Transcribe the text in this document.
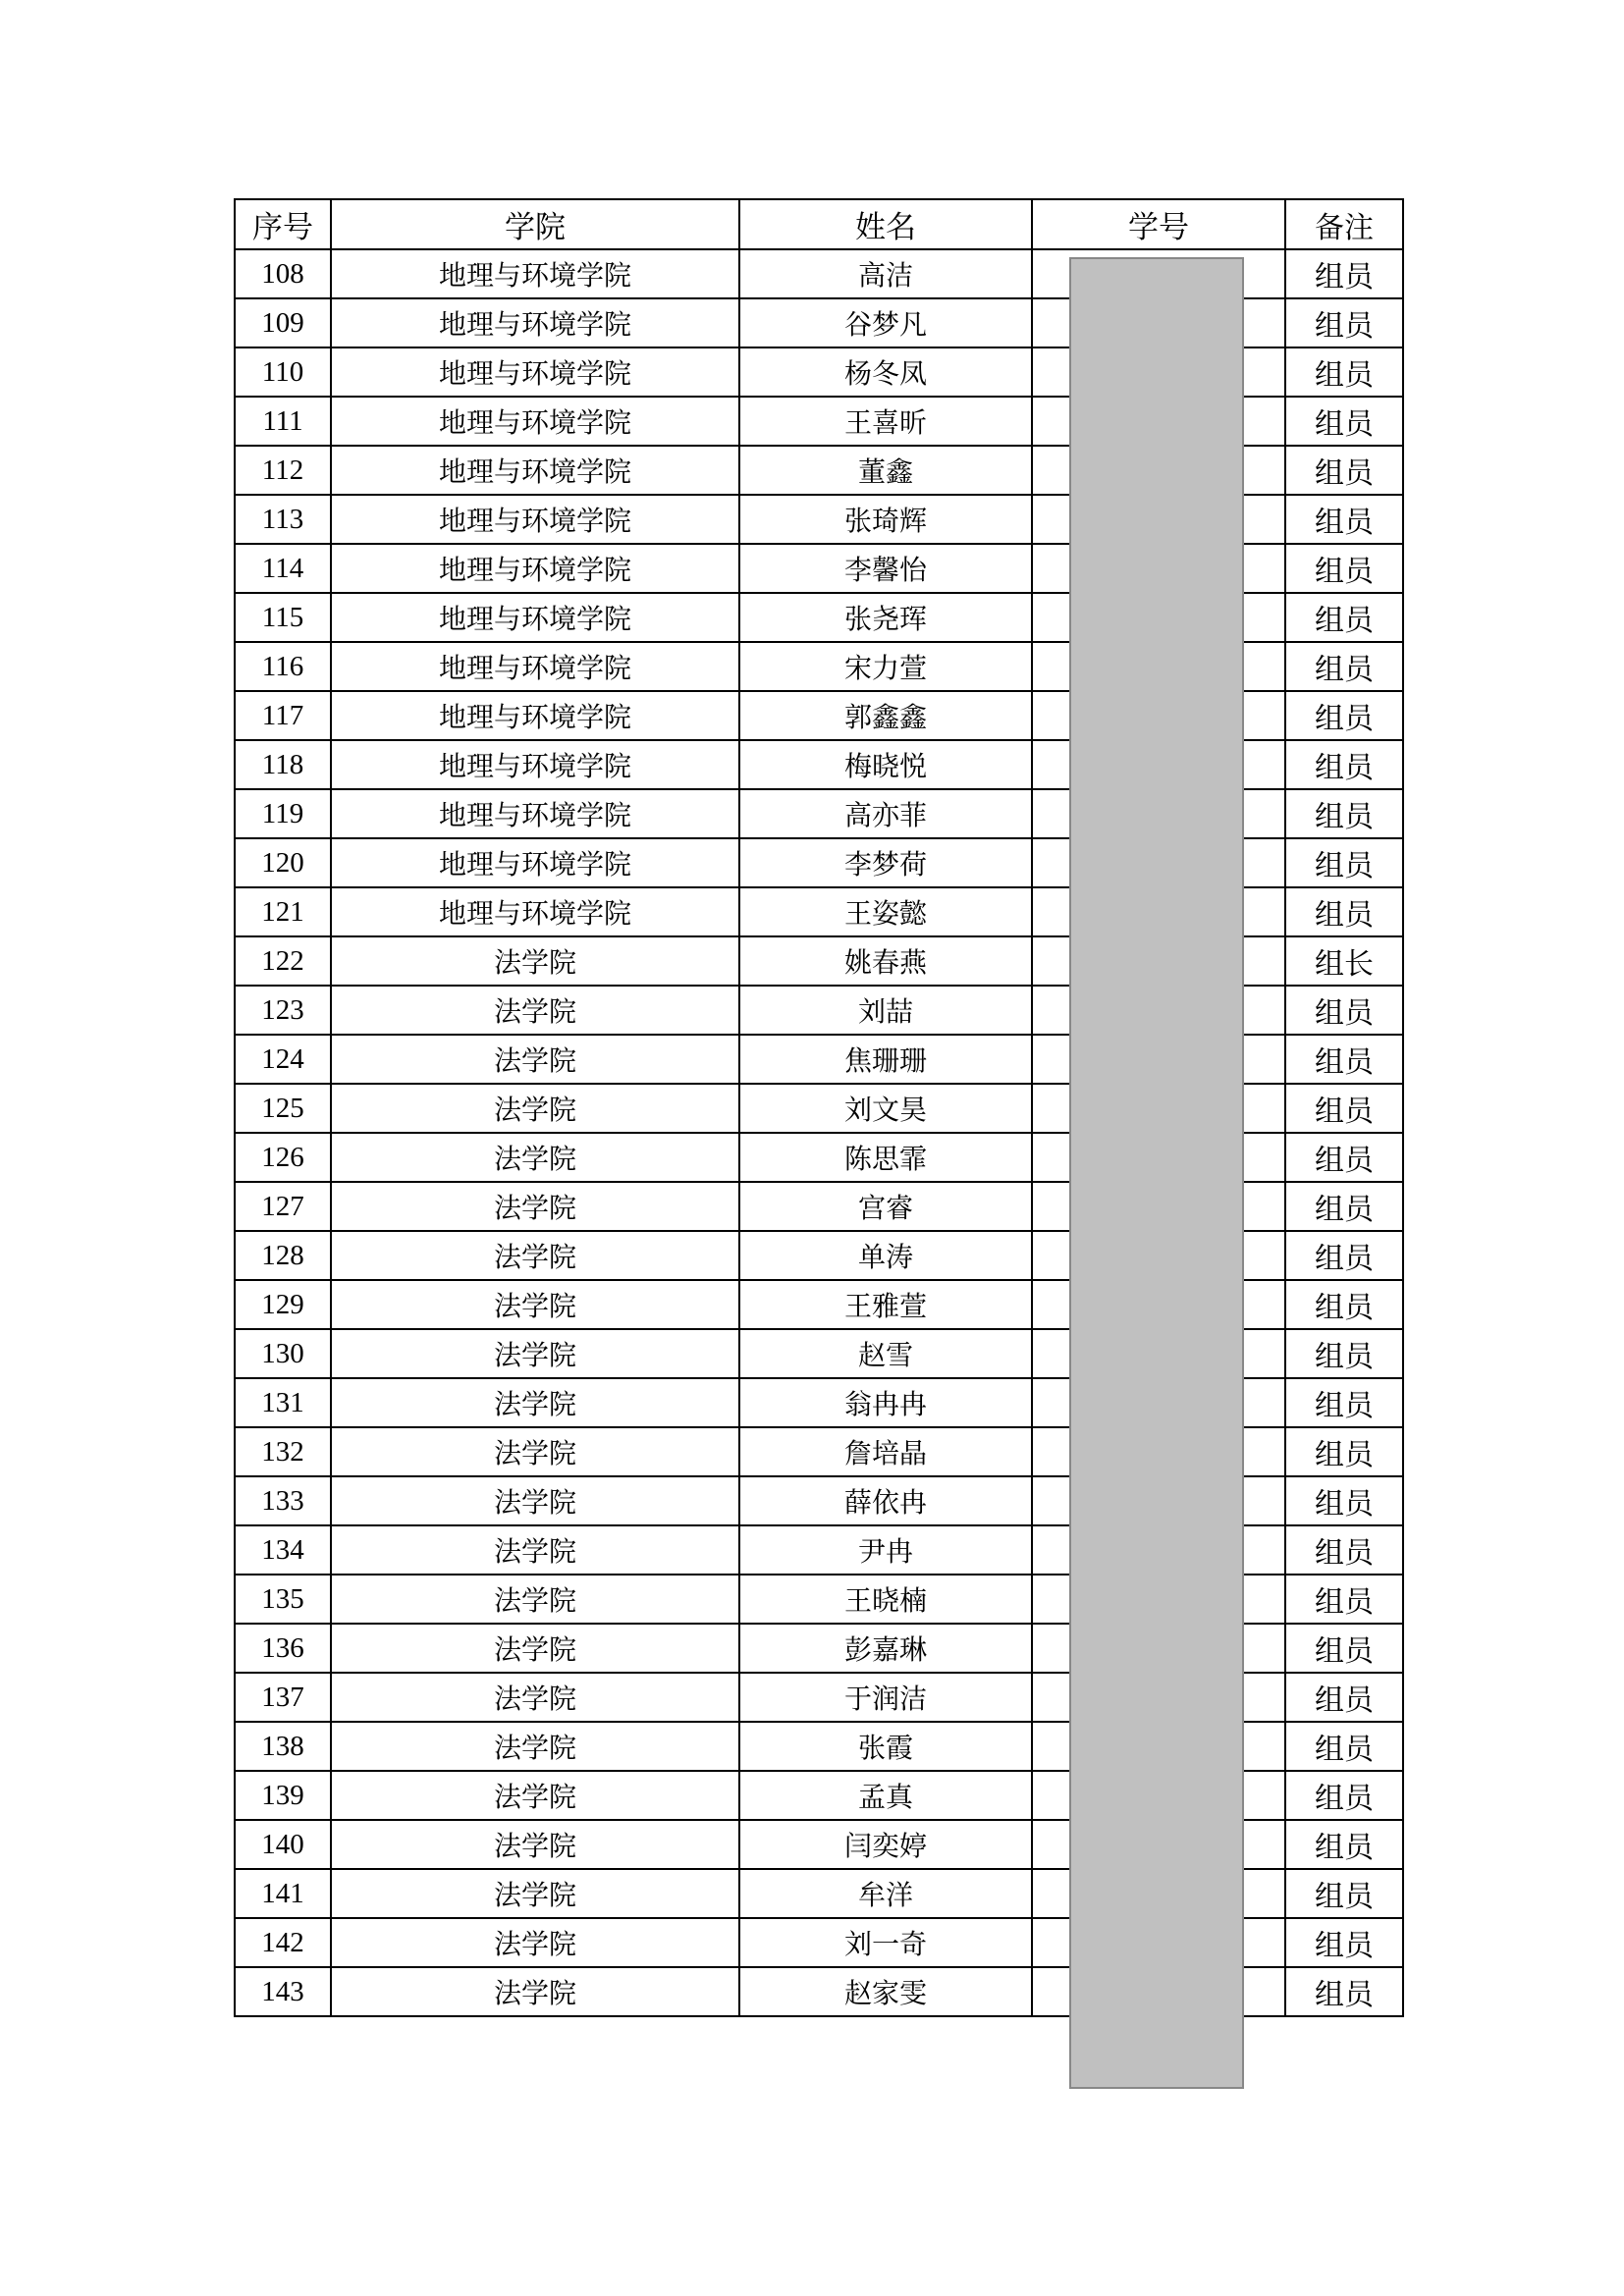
序号	学院	姓名	学号	备注
108	地理与环境学院	高洁		组员
109	地理与环境学院	谷梦凡		组员
110	地理与环境学院	杨冬凤		组员
111	地理与环境学院	王喜昕		组员
112	地理与环境学院	董鑫		组员
113	地理与环境学院	张琦辉		组员
114	地理与环境学院	李馨怡		组员
115	地理与环境学院	张尧珲		组员
116	地理与环境学院	宋力萱		组员
117	地理与环境学院	郭鑫鑫		组员
118	地理与环境学院	梅晓悦		组员
119	地理与环境学院	高亦菲		组员
120	地理与环境学院	李梦荷		组员
121	地理与环境学院	王姿懿		组员
122	法学院	姚春燕		组长
123	法学院	刘喆		组员
124	法学院	焦珊珊		组员
125	法学院	刘文昊		组员
126	法学院	陈思霏		组员
127	法学院	宫睿		组员
128	法学院	单涛		组员
129	法学院	王雅萱		组员
130	法学院	赵雪		组员
131	法学院	翁冉冉		组员
132	法学院	詹培晶		组员
133	法学院	薛依冉		组员
134	法学院	尹冉		组员
135	法学院	王晓楠		组员
136	法学院	彭嘉琳		组员
137	法学院	于润洁		组员
138	法学院	张霞		组员
139	法学院	孟真		组员
140	法学院	闫奕婷		组员
141	法学院	牟洋		组员
142	法学院	刘一奇		组员
143	法学院	赵家雯		组员
